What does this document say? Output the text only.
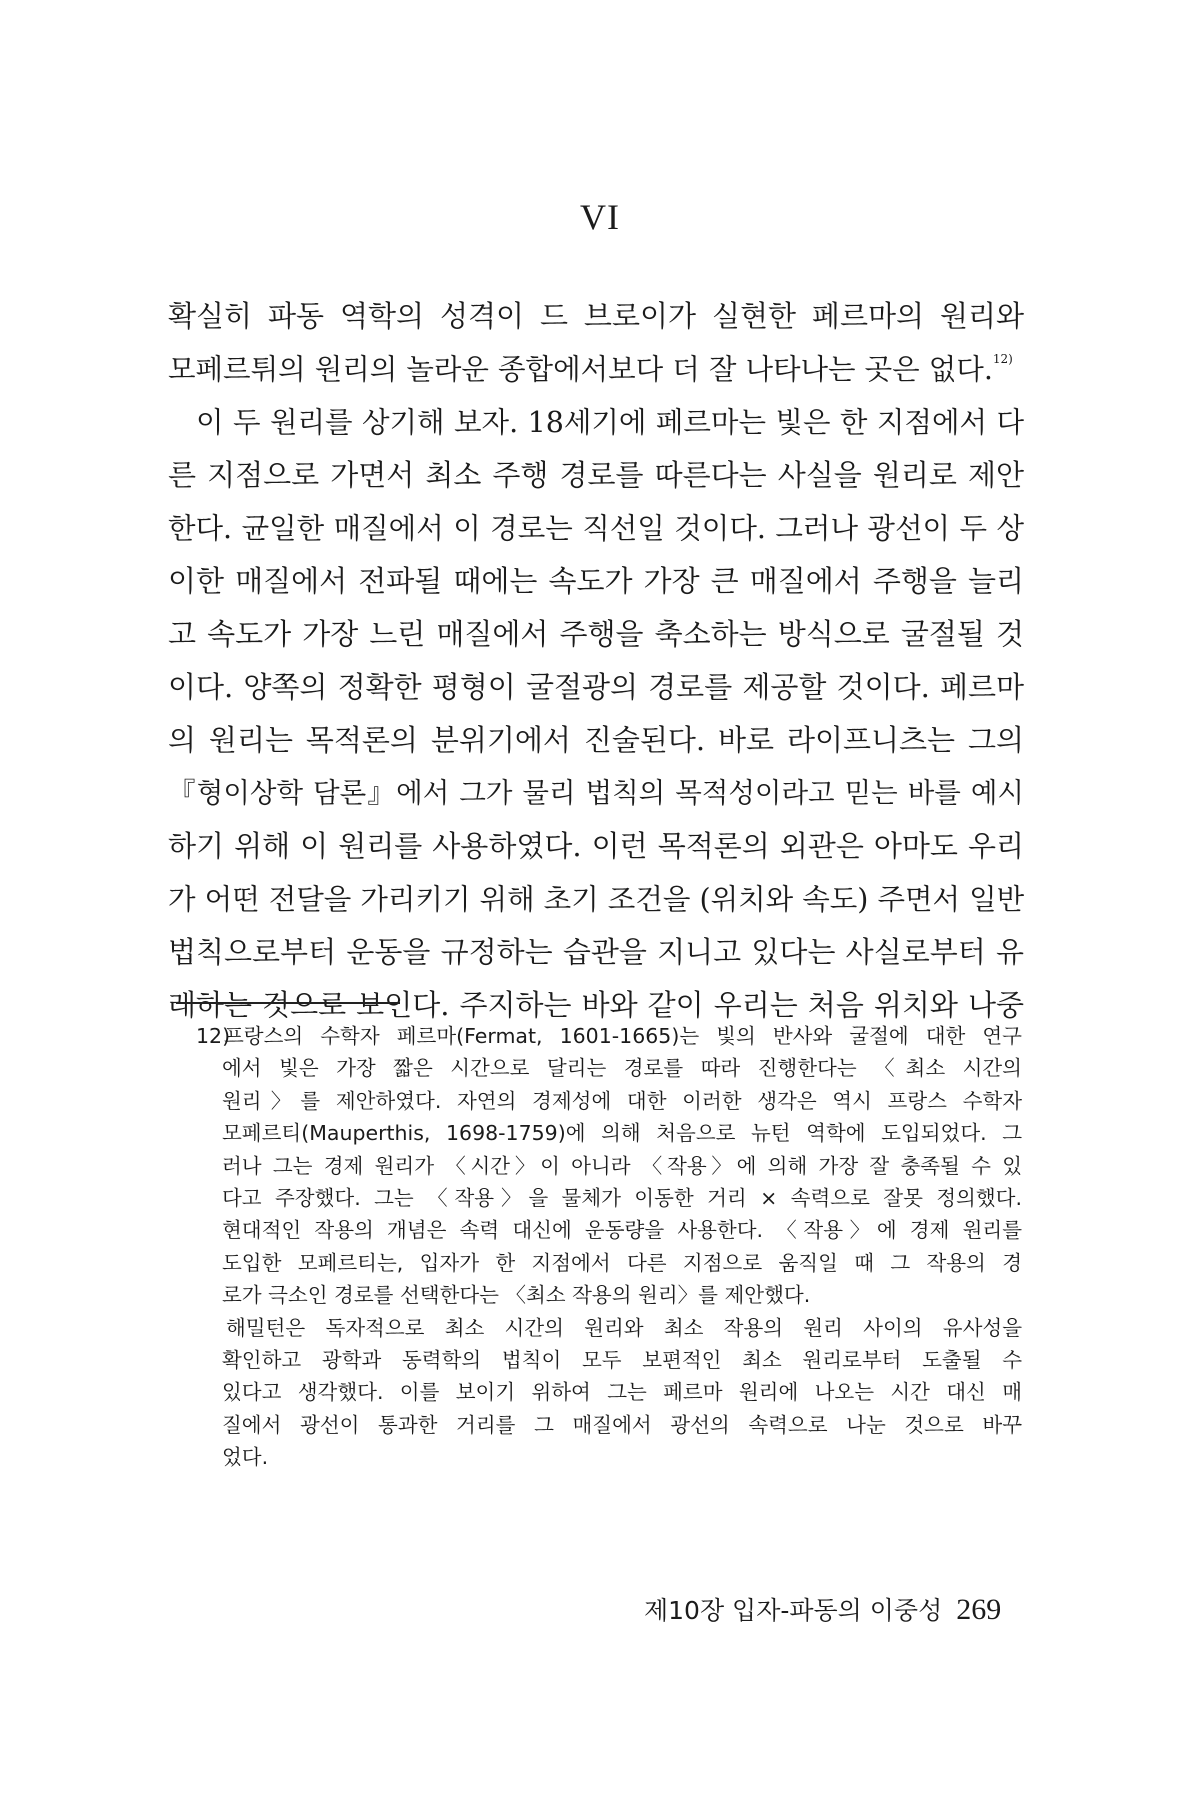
VI
확실히 파동 역학의 성격이 드 브로이가 실현한 페르마의 원리와
모페르튀의 원리의 놀라운 종합에서보다 더 잘 나타나는 곳은 없다.$^{12)}$
이 두 원리를 상기해 보자. 18세기에 페르마는 빛은 한 지점에서 다
른 지점으로 가면서 최소 주행 경로를 따른다는 사실을 원리로 제안
한다. 균일한 매질에서 이 경로는 직선일 것이다. 그러나 광선이 두 상
이한 매질에서 전파될 때에는 속도가 가장 큰 매질에서 주행을 늘리
고 속도가 가장 느린 매질에서 주행을 축소하는 방식으로 굴절될 것
이다. 양쪽의 정확한 평형이 굴절광의 경로를 제공할 것이다. 페르마
의 원리는 목적론의 분위기에서 진술된다. 바로 라이프니츠는 그의
『형이상학 담론』에서 그가 물리 법칙의 목적성이라고 믿는 바를 예시
하기 위해 이 원리를 사용하였다. 이런 목적론의 외관은 아마도 우리
가 어떤 전달을 가리키기 위해 초기 조건을 (위치와 속도) 주면서 일반
법칙으로부터 운동을 규정하는 습관을 지니고 있다는 사실로부터 유
래하는 것으로 보인다. 주지하는 바와 같이 우리는 처음 위치와 나중
12)프랑스의 수학자 페르마(Fermat, 1601-1665)는 빛의 반사와 굴절에 대한 연구
에서 빛은 가장 짧은 시간으로 달리는 경로를 따라 진행한다는 〈최소 시간의
원리〉를 제안하였다. 자연의 경제성에 대한 이러한 생각은 역시 프랑스 수학자
모페르티(Mauperthis, 1698-1759)에 의해 처음으로 뉴턴 역학에 도입되었다. 그
러나 그는 경제 원리가 〈시간〉이 아니라 〈작용〉에 의해 가장 잘 충족될 수 있
다고 주장했다. 그는 〈작용〉을 물체가 이동한 거리 × 속력으로 잘못 정의했다.
현대적인 작용의 개념은 속력 대신에 운동량을 사용한다. 〈작용〉에 경제 원리를
도입한 모페르티는, 입자가 한 지점에서 다른 지점으로 움직일 때 그 작용의 경
로가 극소인 경로를 선택한다는 〈최소 작용의 원리〉를 제안했다.
해밀턴은 독자적으로 최소 시간의 원리와 최소 작용의 원리 사이의 유사성을
확인하고 광학과 동력학의 법칙이 모두 보편적인 최소 원리로부터 도출될 수
있다고 생각했다. 이를 보이기 위하여 그는 페르마 원리에 나오는 시간 대신 매
질에서 광선이 통과한 거리를 그 매질에서 광선의 속력으로 나눈 것으로 바꾸
었다.
제10장 입자-파동의 이중성 269
